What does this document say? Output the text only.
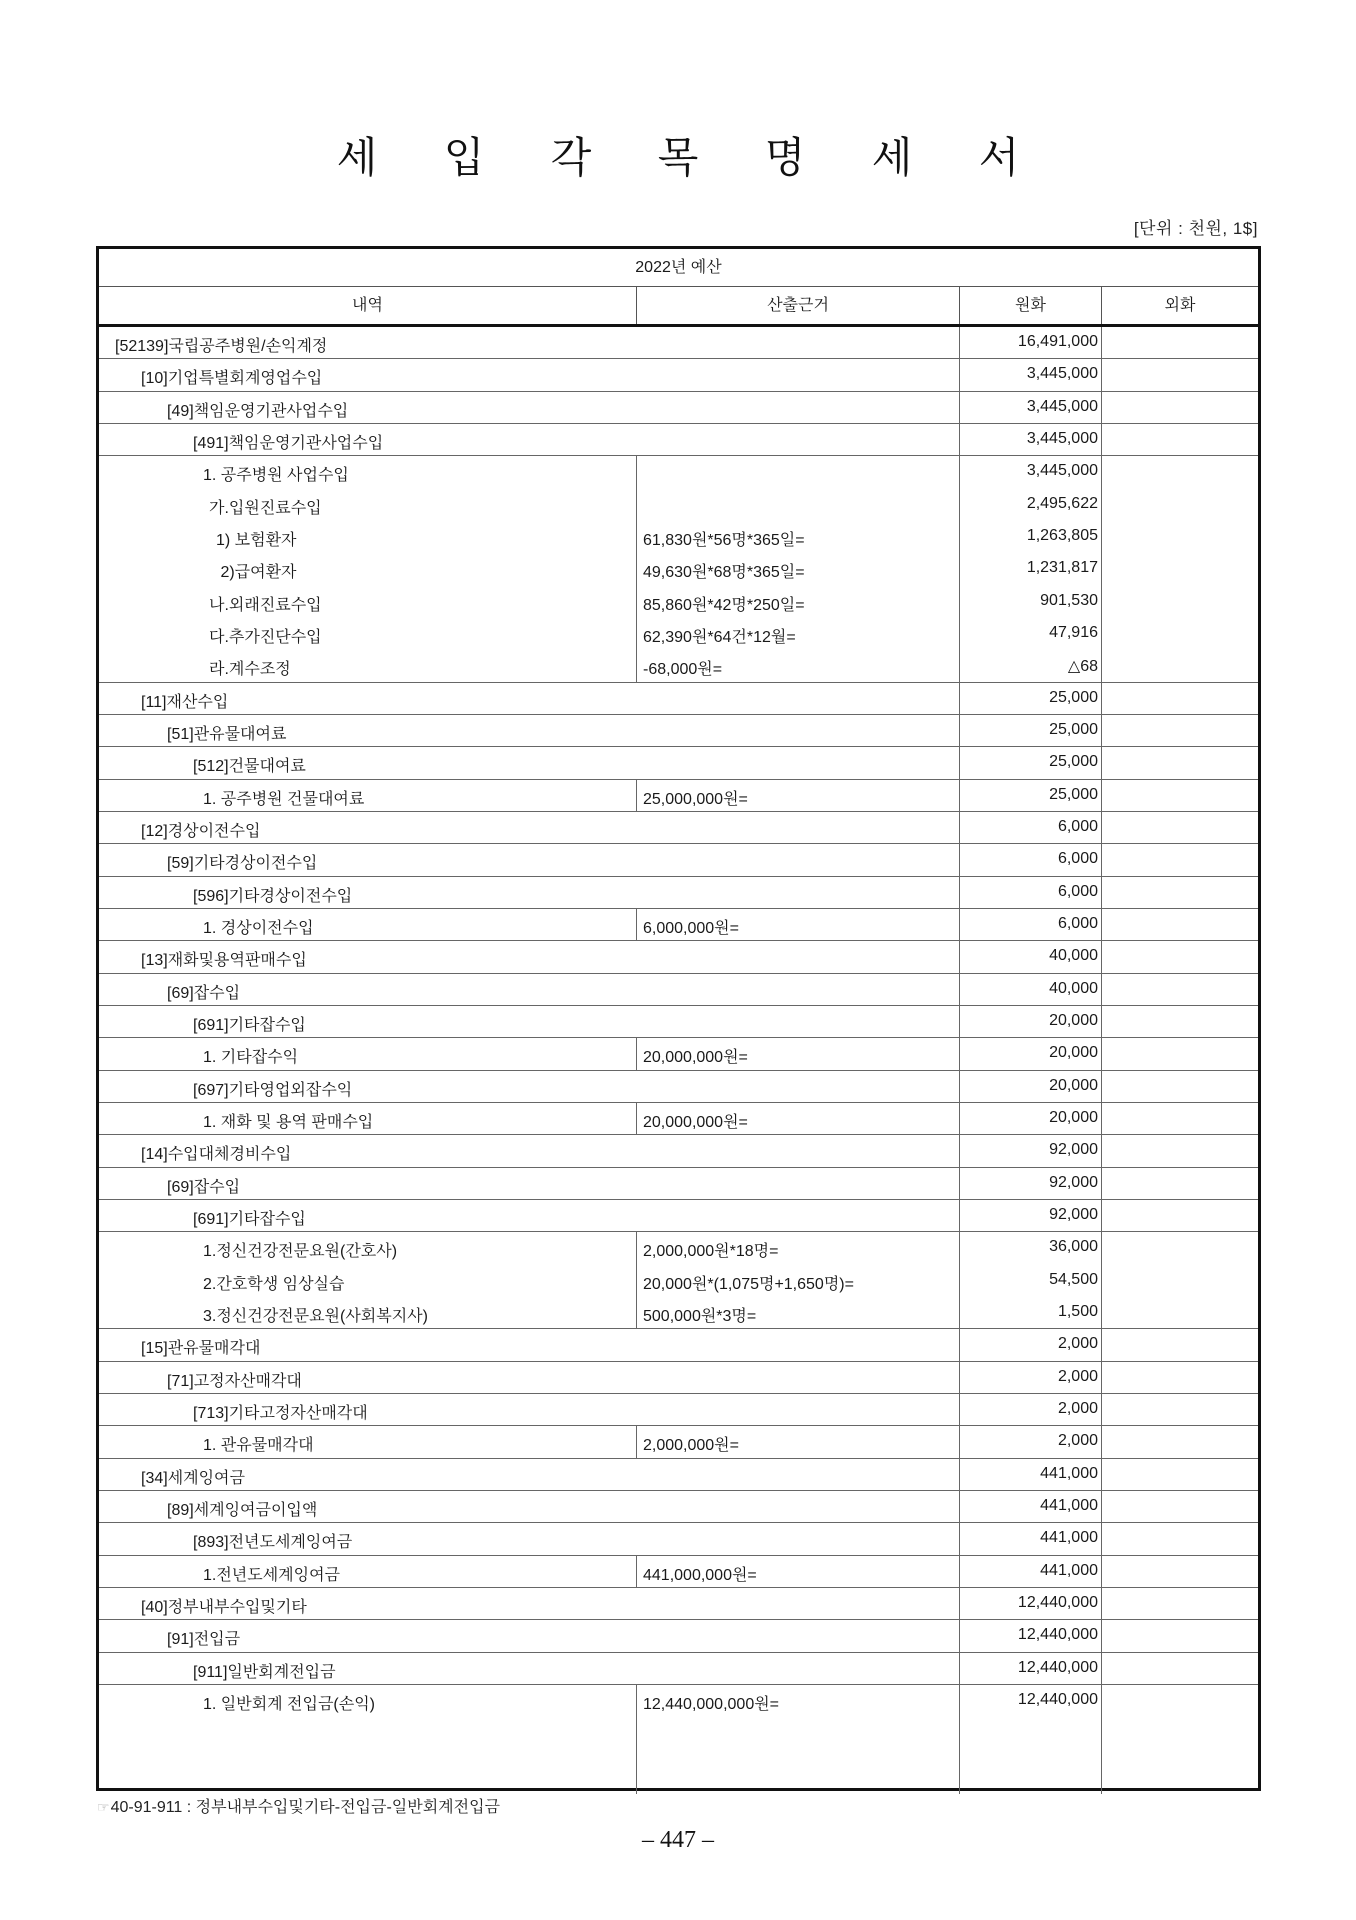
세	입	각	목	명	세	서
[단위 : 천원, 1$]
2022년 예산
내역	산출근거	원화	외화
[52139]국립공주병원/손익계정	16,491,000
[10]기업특별회계영업수입	3,445,000
[49]책임운영기관사업수입	3,445,000
[491]책임운영기관사업수입	3,445,000
1. 공주병원 사업수입	3,445,000
가.입원진료수입	2,495,622
1) 보험환자	61,830원*56명*365일=	1,263,805
2)급여환자	49,630원*68명*365일=	1,231,817
나.외래진료수입	85,860원*42명*250일=	901,530
다.추가진단수입	62,390원*64건*12월=	47,916
라.계수조정	-68,000원=	△68
[11]재산수입	25,000
[51]관유물대여료	25,000
[512]건물대여료	25,000
1. 공주병원 건물대여료	25,000,000원=	25,000
[12]경상이전수입	6,000
[59]기타경상이전수입	6,000
[596]기타경상이전수입	6,000
1. 경상이전수입	6,000,000원=	6,000
[13]재화및용역판매수입	40,000
[69]잡수입	40,000
[691]기타잡수입	20,000
1. 기타잡수익	20,000,000원=	20,000
[697]기타영업외잡수익	20,000
1. 재화 및 용역 판매수입	20,000,000원=	20,000
[14]수입대체경비수입	92,000
[69]잡수입	92,000
[691]기타잡수입	92,000
1.정신건강전문요원(간호사)	2,000,000원*18명=	36,000
2.간호학생 임상실습	20,000원*(1,075명+1,650명)=	54,500
3.정신건강전문요원(사회복지사)	500,000원*3명=	1,500
[15]관유물매각대	2,000
[71]고정자산매각대	2,000
[713]기타고정자산매각대	2,000
1. 관유물매각대	2,000,000원=	2,000
[34]세계잉여금	441,000
[89]세계잉여금이입액	441,000
[893]전년도세계잉여금	441,000
1.전년도세계잉여금	441,000,000원=	441,000
[40]정부내부수입및기타	12,440,000
[91]전입금	12,440,000
[911]일반회계전입금	12,440,000
1. 일반회계 전입금(손익)	12,440,000,000원=	12,440,000
☞40-91-911 : 정부내부수입및기타-전입금-일반회계전입금
– 447 –
